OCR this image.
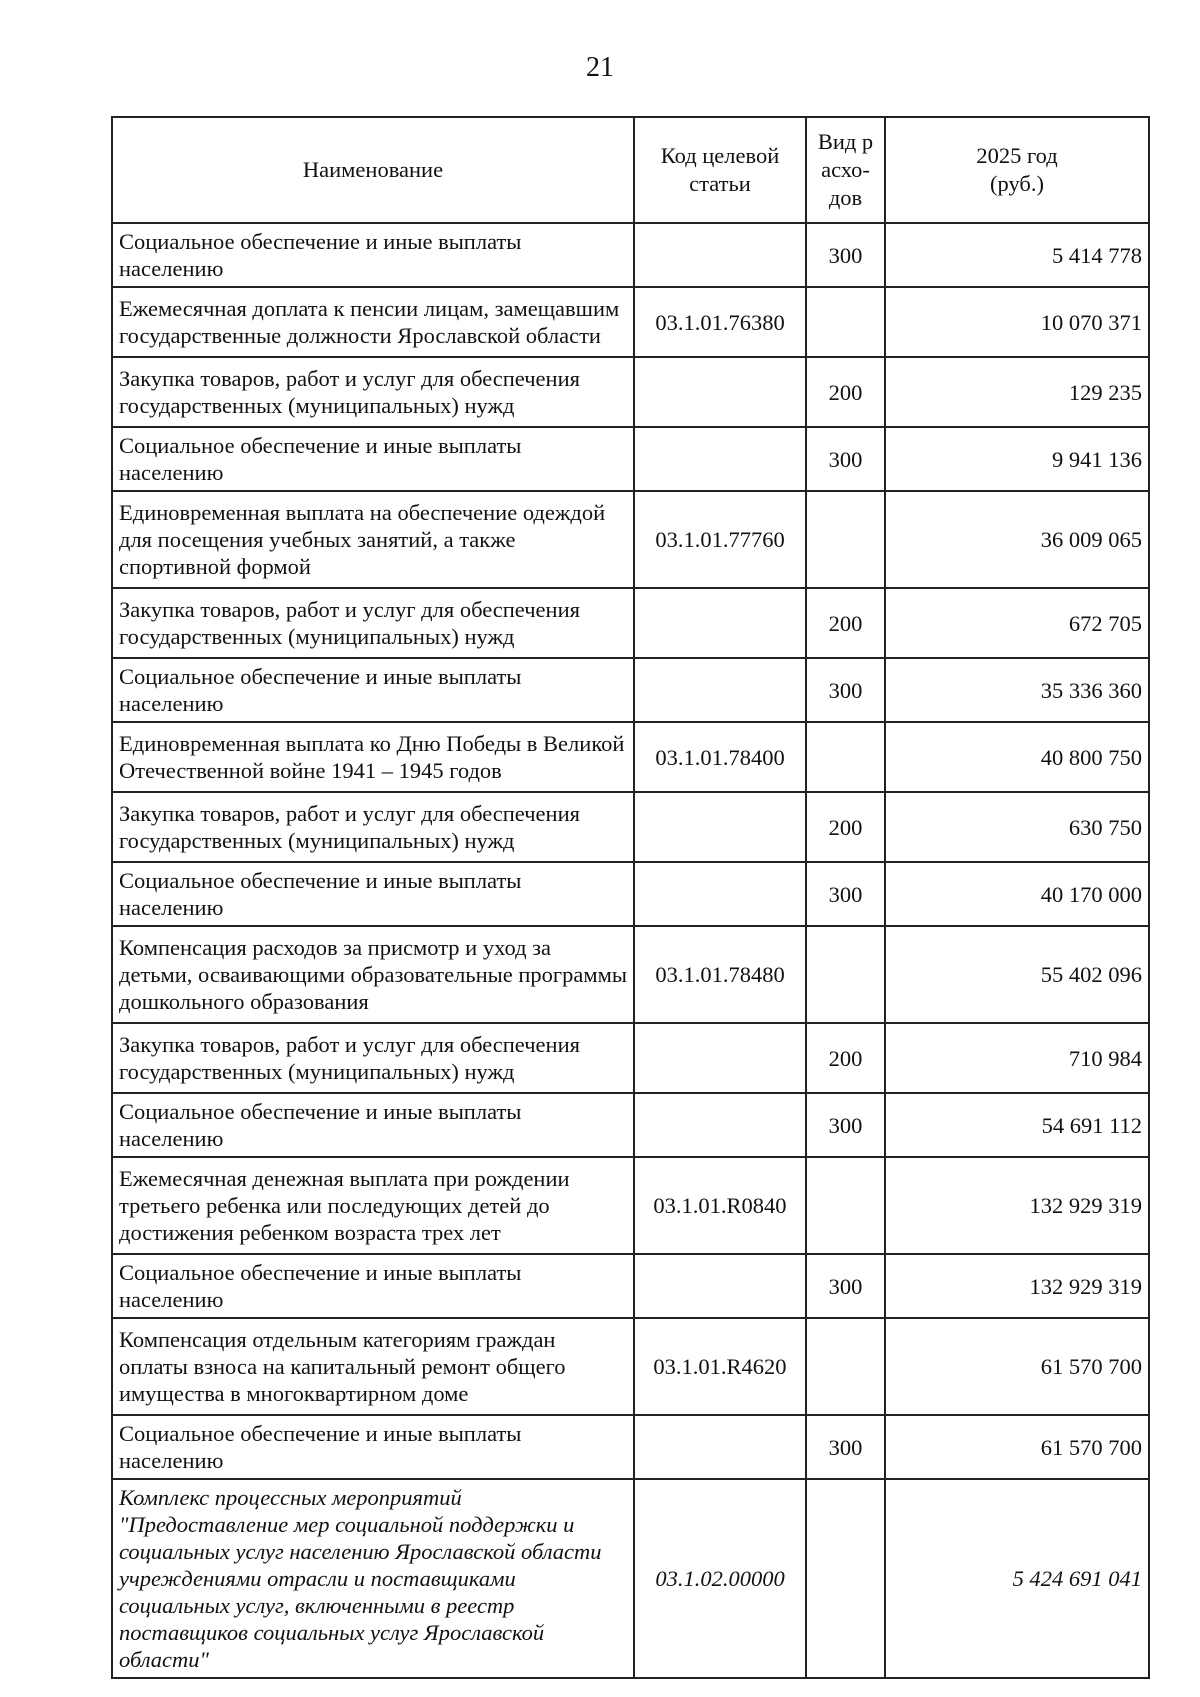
21
Наименование	Код целевой статьи	Вид расхо-дов	2025 год (руб.)

Социальное обеспечение и иные выплаты населению		300	5 414 778
Ежемесячная доплата к пенсии лицам, замещавшим государственные должности Ярославской области	03.1.01.76380		10 070 371
Закупка товаров, работ и услуг для обеспечения государственных (муниципальных) нужд		200	129 235
Социальное обеспечение и иные выплаты населению		300	9 941 136
Единовременная выплата на обеспечение одеждой для посещения учебных занятий, а также спортивной формой	03.1.01.77760		36 009 065
Закупка товаров, работ и услуг для обеспечения государственных (муниципальных) нужд		200	672 705
Социальное обеспечение и иные выплаты населению		300	35 336 360
Единовременная выплата ко Дню Победы в Великой Отечественной войне 1941 – 1945 годов	03.1.01.78400		40 800 750
Закупка товаров, работ и услуг для обеспечения государственных (муниципальных) нужд		200	630 750
Социальное обеспечение и иные выплаты населению		300	40 170 000
Компенсация расходов за присмотр и уход за детьми, осваивающими образовательные программы дошкольного образования	03.1.01.78480		55 402 096
Закупка товаров, работ и услуг для обеспечения государственных (муниципальных) нужд		200	710 984
Социальное обеспечение и иные выплаты населению		300	54 691 112
Ежемесячная денежная выплата при рождении третьего ребенка или последующих детей до достижения ребенком возраста трех лет	03.1.01.R0840		132 929 319
Социальное обеспечение и иные выплаты населению		300	132 929 319
Компенсация отдельным категориям граждан оплаты взноса на капитальный ремонт общего имущества в многоквартирном доме	03.1.01.R4620		61 570 700
Социальное обеспечение и иные выплаты населению		300	61 570 700
Комплекс процессных мероприятий "Предоставление мер социальной поддержки и социальных услуг населению Ярославской области учреждениями отрасли и поставщиками социальных услуг, включенными в реестр поставщиков социальных услуг Ярославской области"	03.1.02.00000		5 424 691 041
